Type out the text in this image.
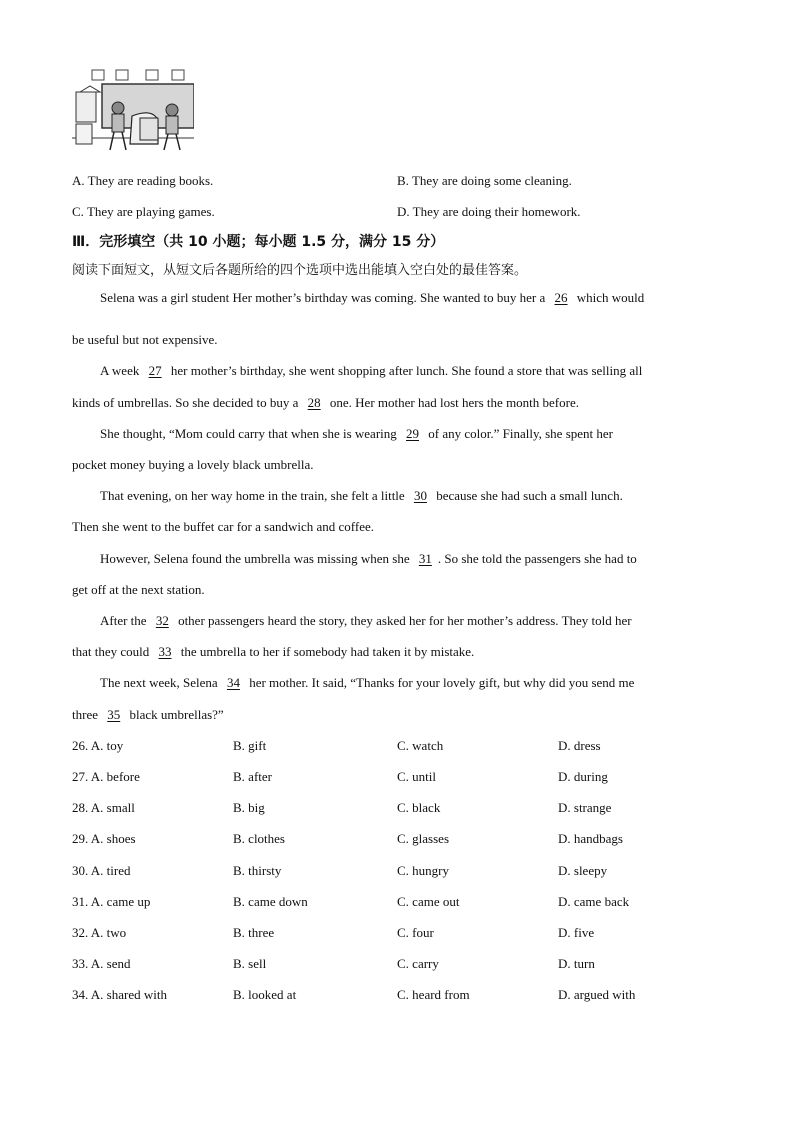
A. They are reading books.	B. They are doing some cleaning.
C. They are playing games.	D. They are doing their homework.
Ⅲ．完形填空（共 10 小题；每小题 1.5 分，满分 15 分）
阅读下面短文，从短文后各题所给的四个选项中选出能填入空白处的最佳答案。
Selena was a girl student Her mother’s birthday was coming. She wanted to buy her a 26 which would
be useful but not expensive.
A week 27 her mother’s birthday, she went shopping after lunch. She found a store that was selling all
kinds of umbrellas. So she decided to buy a 28 one. Her mother had lost hers the month before.
She thought, “Mom could carry that when she is wearing 29 of any color.” Finally, she spent her
pocket money buying a lovely black umbrella.
That evening, on her way home in the train, she felt a little 30 because she had such a small lunch.
Then she went to the buffet car for a sandwich and coffee.
However, Selena found the umbrella was missing when she 31 . So she told the passengers she had to
get off at the next station.
After the 32 other passengers heard the story, they asked her for her mother’s address. They told her
that they could 33 the umbrella to her if somebody had taken it by mistake.
The next week, Selena 34 her mother. It said, “Thanks for your lovely gift, but why did you send me
three 35 black umbrellas?”
26. A. toy	B. gift	C. watch	D. dress
27. A. before	B. after	C. until	D. during
28. A. small	B. big	C. black	D. strange
29. A. shoes	B. clothes	C. glasses	D. handbags
30. A. tired	B. thirsty	C. hungry	D. sleepy
31. A. came up	B. came down	C. came out	D. came back
32. A. two	B. three	C. four	D. five
33. A. send	B. sell	C. carry	D. turn
34. A. shared with	B. looked at	C. heard from	D. argued with
